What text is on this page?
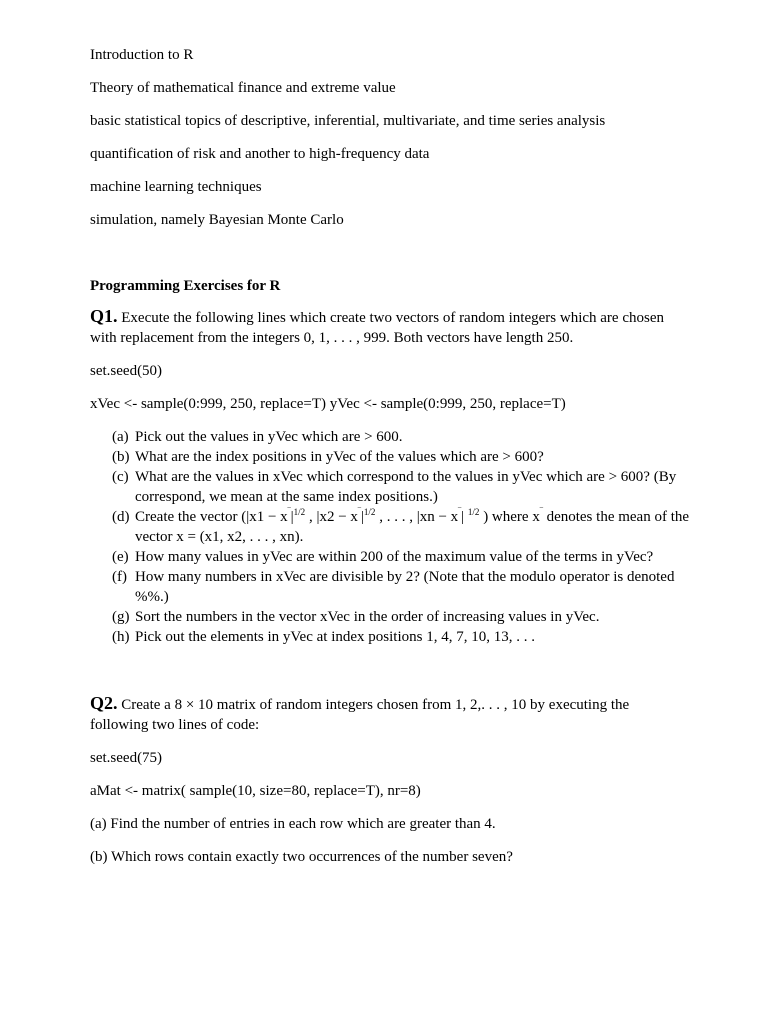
Introduction to R

Theory of mathematical finance and extreme value

basic statistical topics of descriptive, inferential, multivariate, and time series analysis

quantification of risk and another to high-frequency data

machine learning techniques

simulation, namely Bayesian Monte Carlo

Programming Exercises for R

Q1. Execute the following lines which create two vectors of random integers which are chosen with replacement from the integers 0, 1, . . . , 999. Both vectors have length 250.

set.seed(50)

xVec <- sample(0:999, 250, replace=T) yVec <- sample(0:999, 250, replace=T)

(a) Pick out the values in yVec which are > 600.
(b) What are the index positions in yVec of the values which are > 600?
(c) What are the values in xVec which correspond to the values in yVec which are > 600? (By correspond, we mean at the same index positions.)
(d) Create the vector ($|x1 - x^‾|^{1/2}$ , $|x2 - x^‾|^{1/2}$ , . . . , |xn − x‾| $^{1/2}$ ) where x‾ denotes the mean of the vector x = (x1, x2, . . . , xn).
(e) How many values in yVec are within 200 of the maximum value of the terms in yVec?
(f) How many numbers in xVec are divisible by 2? (Note that the modulo operator is denoted %%.)
(g) Sort the numbers in the vector xVec in the order of increasing values in yVec.
(h) Pick out the elements in yVec at index positions 1, 4, 7, 10, 13, . . .

Q2. Create a 8 × 10 matrix of random integers chosen from 1, 2,. . . , 10 by executing the following two lines of code:

set.seed(75)

aMat <- matrix( sample(10, size=80, replace=T), nr=8)

(a) Find the number of entries in each row which are greater than 4.

(b) Which rows contain exactly two occurrences of the number seven?
